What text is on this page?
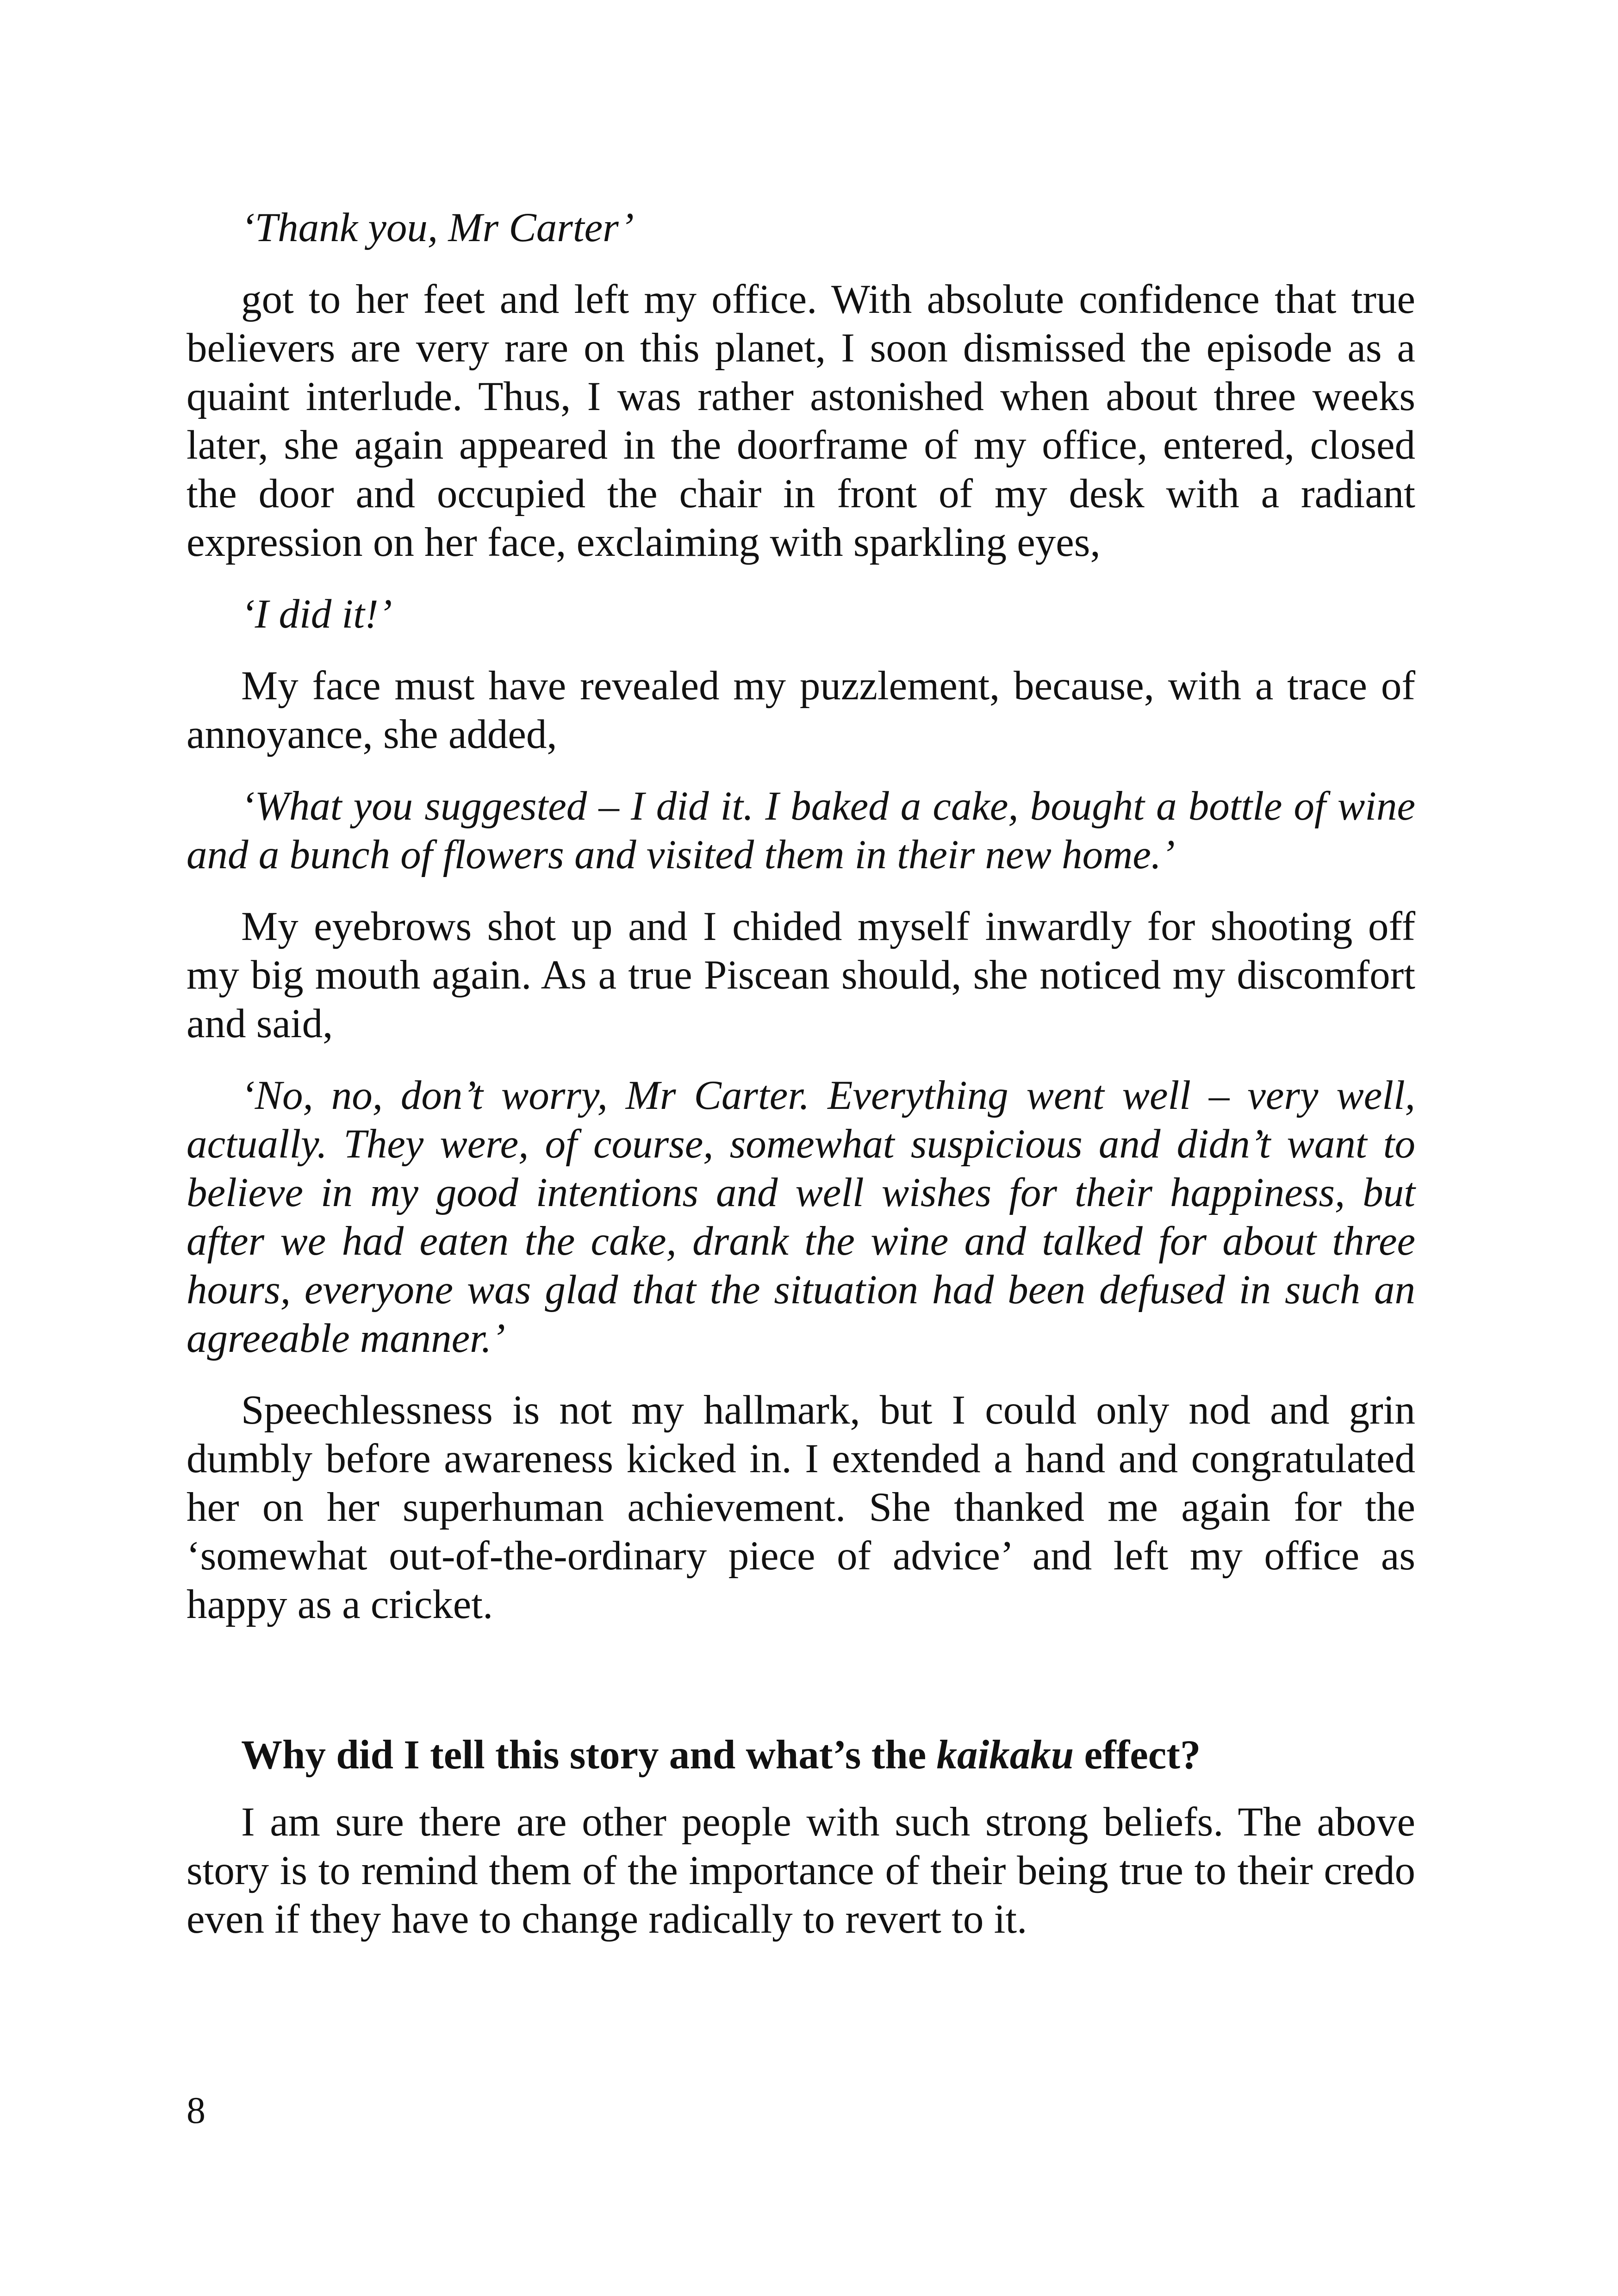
‘Thank you, Mr Carter’

got to her feet and left my office. With absolute confidence that true believers are very rare on this planet, I soon dismissed the episode as a quaint interlude. Thus, I was rather astonished when about three weeks later, she again appeared in the doorframe of my office, entered, closed the door and occupied the chair in front of my desk with a radiant expression on her face, exclaiming with sparkling eyes,

‘I did it!’

My face must have revealed my puzzlement, because, with a trace of annoyance, she added,

‘What you suggested – I did it. I baked a cake, bought a bottle of wine and a bunch of flowers and visited them in their new home.’

My eyebrows shot up and I chided myself inwardly for shooting off my big mouth again. As a true Piscean should, she noticed my discomfort and said,

‘No, no, don’t worry, Mr Carter. Everything went well – very well, actually. They were, of course, somewhat suspicious and didn’t want to believe in my good intentions and well wishes for their happiness, but after we had eaten the cake, drank the wine and talked for about three hours, everyone was glad that the situation had been defused in such an agreeable manner.’

Speechlessness is not my hallmark, but I could only nod and grin dumbly before awareness kicked in. I extended a hand and congratulated her on her superhuman achievement. She thanked me again for the ‘somewhat out-of-the-ordinary piece of advice’ and left my office as happy as a cricket.

Why did I tell this story and what’s the kaikaku effect?

I am sure there are other people with such strong beliefs. The above story is to remind them of the importance of their being true to their credo even if they have to change radically to revert to it.

8
